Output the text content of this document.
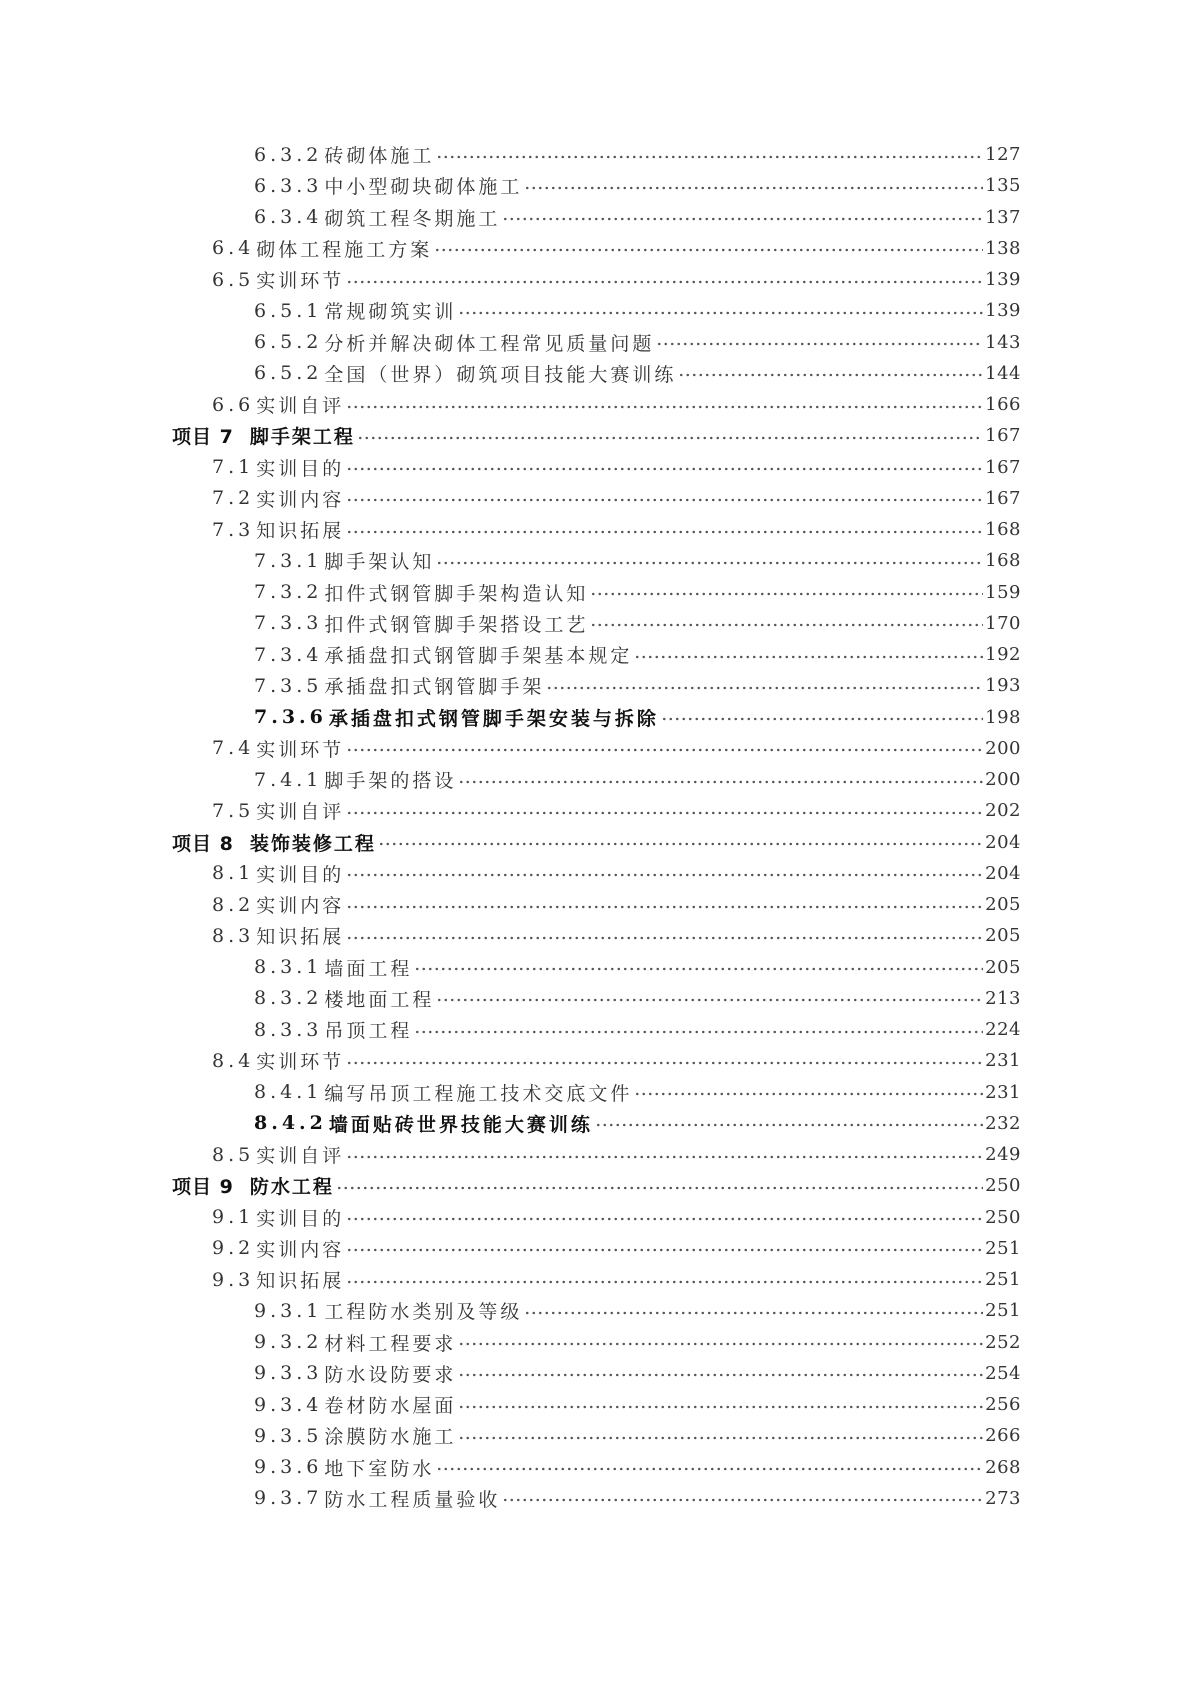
6.3.2 砖砌体施工	127
6.3.3 中小型砌块砌体施工	135
6.3.4 砌筑工程冬期施工	137
6.4 砌体工程施工方案	138
6.5 实训环节	139
6.5.1 常规砌筑实训	139
6.5.2 分析并解决砌体工程常见质量问题	143
6.5.2 全国（世界）砌筑项目技能大赛训练	144
6.6 实训自评	166
项目 7 脚手架工程	167
7.1 实训目的	167
7.2 实训内容	167
7.3 知识拓展	168
7.3.1 脚手架认知	168
7.3.2 扣件式钢管脚手架构造认知	159
7.3.3 扣件式钢管脚手架搭设工艺	170
7.3.4 承插盘扣式钢管脚手架基本规定	192
7.3.5 承插盘扣式钢管脚手架	193
7.3.6 承插盘扣式钢管脚手架安装与拆除	198
7.4 实训环节	200
7.4.1 脚手架的搭设	200
7.5 实训自评	202
项目 8 装饰装修工程	204
8.1 实训目的	204
8.2 实训内容	205
8.3 知识拓展	205
8.3.1 墙面工程	205
8.3.2 楼地面工程	213
8.3.3 吊顶工程	224
8.4 实训环节	231
8.4.1 编写吊顶工程施工技术交底文件	231
8.4.2 墙面贴砖世界技能大赛训练	232
8.5 实训自评	249
项目 9 防水工程	250
9.1 实训目的	250
9.2 实训内容	251
9.3 知识拓展	251
9.3.1 工程防水类别及等级	251
9.3.2 材料工程要求	252
9.3.3 防水设防要求	254
9.3.4 卷材防水屋面	256
9.3.5 涂膜防水施工	266
9.3.6 地下室防水	268
9.3.7 防水工程质量验收	273
